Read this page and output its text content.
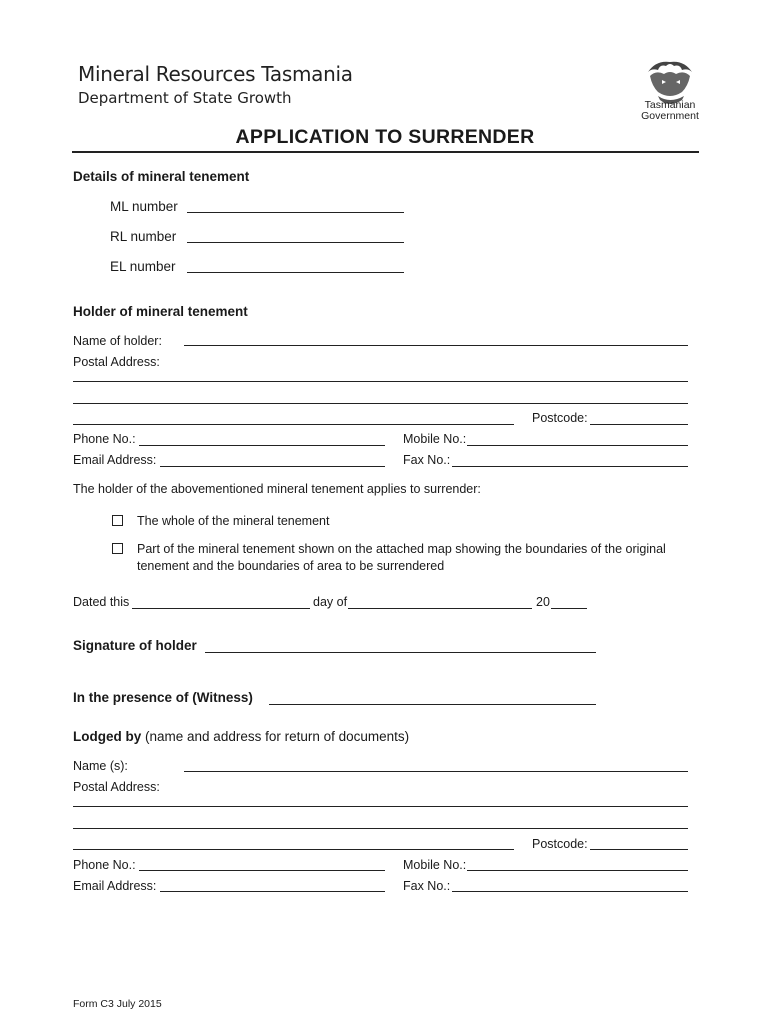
Mineral Resources Tasmania
Department of State Growth	Tasmanian
Government
APPLICATION TO SURRENDER
Details of mineral tenement
ML number
RL number
EL number
Holder of mineral tenement
Name of holder:
Postal Address:
Postcode:
Phone No.:	Mobile No.:
Email Address:	Fax No.:
The holder of the abovementioned mineral tenement applies to surrender:
The whole of the mineral tenement
Part of the mineral tenement shown on the attached map showing the boundaries of the original
tenement and the boundaries of area to be surrendered
Dated this	day of	20
Signature of holder
In the presence of (Witness)
Lodged by (name and address for return of documents)
Name (s):
Postal Address:
Postcode:
Phone No.:	Mobile No.:
Email Address:	Fax No.:
Form C3 July 2015
